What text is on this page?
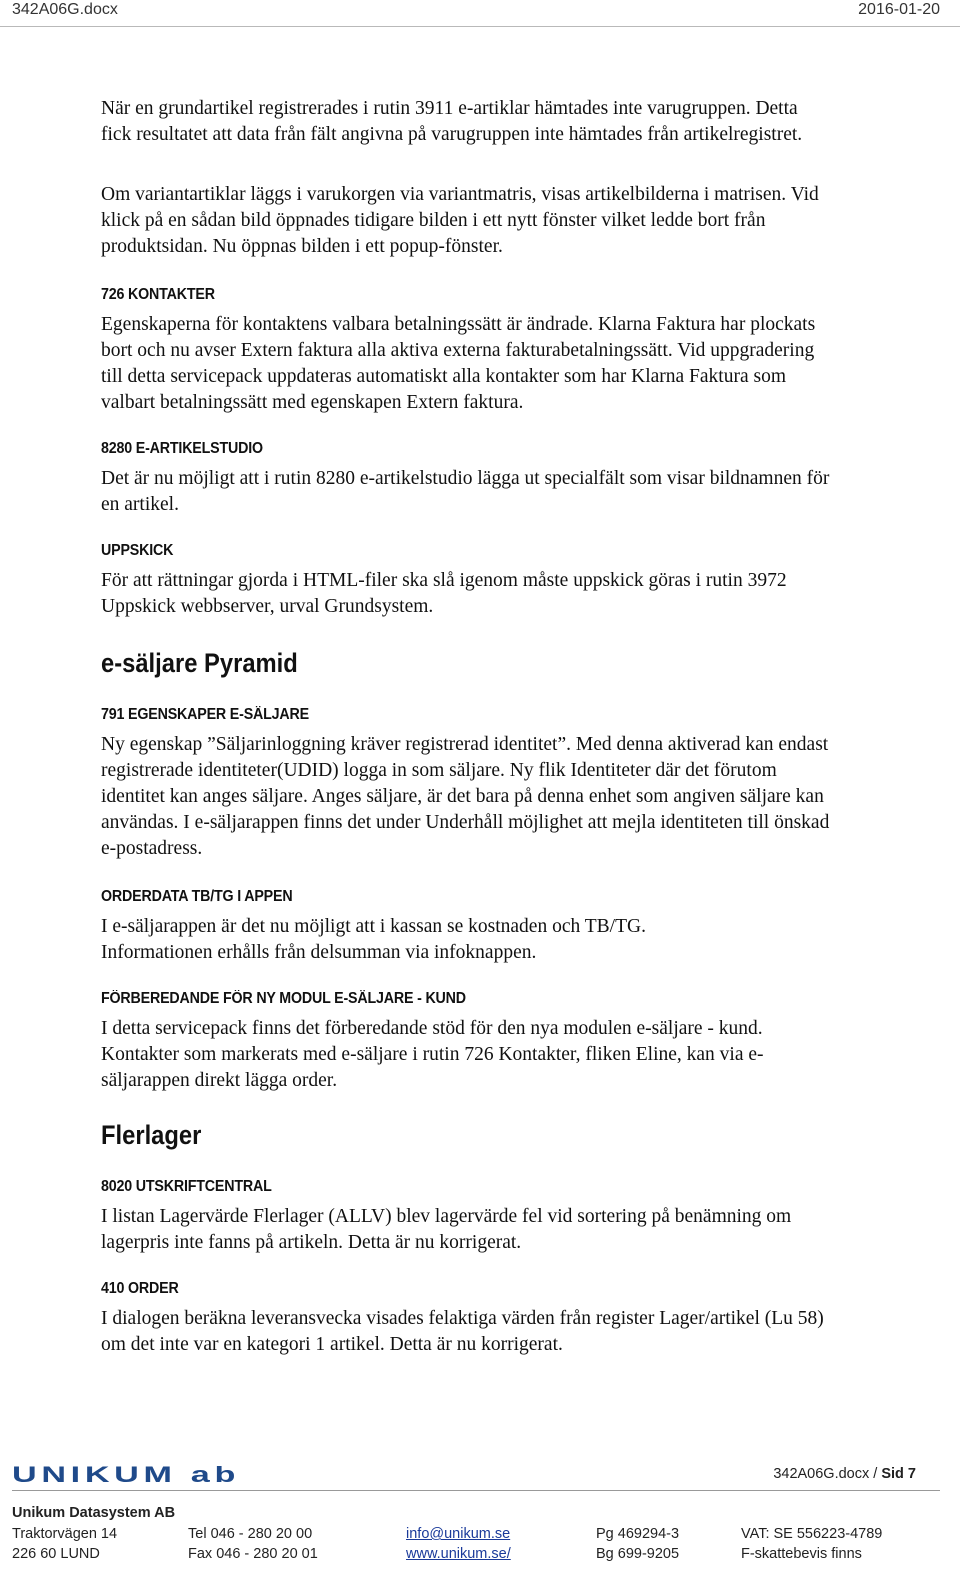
342A06G.docx	2016-01-20
När en grundartikel registrerades i rutin 3911 e-artiklar hämtades inte varugruppen. Detta
fick resultatet att data från fält angivna på varugruppen inte hämtades från artikelregistret.
Om variantartiklar läggs i varukorgen via variantmatris, visas artikelbilderna i matrisen. Vid
klick på en sådan bild öppnades tidigare bilden i ett nytt fönster vilket ledde bort från
produktsidan. Nu öppnas bilden i ett popup-fönster.
726 KONTAKTER
Egenskaperna för kontaktens valbara betalningssätt är ändrade. Klarna Faktura har plockats
bort och nu avser Extern faktura alla aktiva externa fakturabetalningssätt. Vid uppgradering
till detta servicepack uppdateras automatiskt alla kontakter som har Klarna Faktura som
valbart betalningssätt med egenskapen Extern faktura.
8280 E-ARTIKELSTUDIO
Det är nu möjligt att i rutin 8280 e-artikelstudio lägga ut specialfält som visar bildnamnen för
en artikel.
UPPSKICK
För att rättningar gjorda i HTML-filer ska slå igenom måste uppskick göras i rutin 3972
Uppskick webbserver, urval Grundsystem.
e-säljare Pyramid
791 EGENSKAPER E-SÄLJARE
Ny egenskap ”Säljarinloggning kräver registrerad identitet”. Med denna aktiverad kan endast
registrerade identiteter(UDID) logga in som säljare. Ny flik Identiteter där det förutom
identitet kan anges säljare. Anges säljare, är det bara på denna enhet som angiven säljare kan
användas. I e-säljarappen finns det under Underhåll möjlighet att mejla identiteten till önskad
e-postadress.
ORDERDATA TB/TG I APPEN
I e-säljarappen är det nu möjligt att i kassan se kostnaden och TB/TG.
Informationen erhålls från delsumman via infoknappen.
FÖRBEREDANDE FÖR NY MODUL E-SÄLJARE - KUND
I detta servicepack finns det förberedande stöd för den nya modulen e-säljare - kund.
Kontakter som markerats med e-säljare i rutin 726 Kontakter, fliken Eline, kan via e-
säljarappen direkt lägga order.
Flerlager
8020 UTSKRIFTCENTRAL
I listan Lagervärde Flerlager (ALLV) blev lagervärde fel vid sortering på benämning om
lagerpris inte fanns på artikeln. Detta är nu korrigerat.
410 ORDER
I dialogen beräkna leveransvecka visades felaktiga värden från register Lager/artikel (Lu 58)
om det inte var en kategori 1 artikel. Detta är nu korrigerat.
UNIKUM ab	342A06G.docx / Sid 7
Unikum Datasystem AB
Traktorvägen 14
226 60 LUND
Tel 046 - 280 20 00
Fax 046 - 280 20 01
info@unikum.se
www.unikum.se/
Pg 469294-3
Bg 699-9205
VAT: SE 556223-4789
F-skattebevis finns
